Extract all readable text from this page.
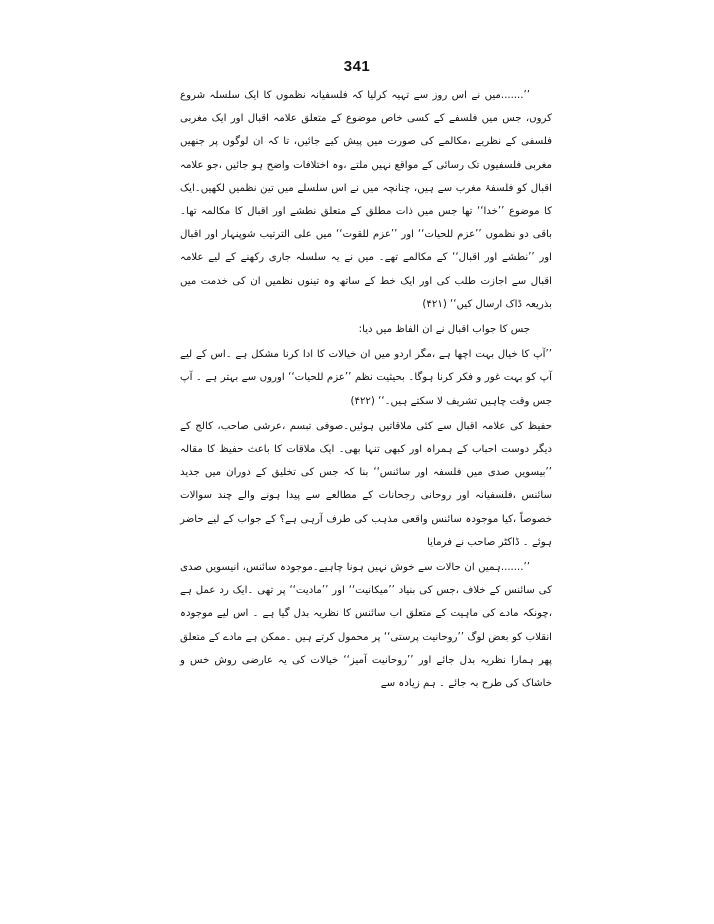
341

’’.......میں نے اس روز سے تہیہ کرلیا کہ فلسفیانہ نظموں کا ایک سلسلہ شروع کروں، جس میں فلسفے کے کسی خاص موضوع کے متعلق علامہ اقبال اور ایک مغربی فلسفی کے نظریے ،مکالمے کی صورت میں پیش کیے جائیں، تا کہ ان لوگوں پر جنھیں مغربی فلسفیوں تک رسائی کے مواقع نہیں ملتے ،وہ اختلافات واضح ہو جائیں ،جو علامہ اقبال کو فلسفۂ مغرب سے ہیں، چنانچہ میں نے اس سلسلے میں تین نظمیں لکھیں۔ایک کا موضوع ’’خدا‘‘ تھا جس میں ذات مطلق کے متعلق نطشے اور اقبال کا مکالمہ تھا۔ باقی دو نظموں ’’عزم للحیات‘‘ اور ’’عزم للقوت‘‘ میں علی الترتیب شوپنہار اور اقبال اور ’’نطشے اور اقبال‘‘ کے مکالمے تھے۔ میں نے یہ سلسلہ جاری رکھنے کے لیے علامہ اقبال سے اجازت طلب کی اور ایک خط کے ساتھ وہ تینوں نظمیں ان کی خدمت میں بذریعہ ڈاک ارسال کیں‘‘ (۴۲۱)

جس کا جواب اقبال نے ان الفاظ میں دیا:

’’آپ کا خیال بہت اچھا ہے ،مگر اردو میں ان خیالات کا ادا کرنا مشکل ہے ۔اس کے لیے آپ کو بہت غور و فکر کرنا ہوگا۔ بحیثیت نظم ’’عزم للحیات‘‘ اوروں سے بہتر ہے ۔ آپ جس وقت چاہیں تشریف لا سکتے ہیں۔‘‘ (۴۲۲)

حفیظ کی علامہ اقبال سے کئی ملاقاتیں ہوئیں۔صوفی تبسم ،عرشی صاحب، کالج کے دیگر دوست احباب کے ہمراہ اور کبھی تنہا بھی۔ ایک ملاقات کا باعث حفیظ کا مقالہ ’’بیسویں صدی میں فلسفہ اور سائنس‘‘ بنا کہ جس کی تخلیق کے دوران میں جدید سائنس ،فلسفیانہ اور روحانی رجحانات کے مطالعے سے پیدا ہونے والے چند سوالات خصوصاً ،کیا موجودہ سائنس واقعی مذہب کی طرف آرہی ہے؟ کے جواب کے لیے حاضر ہوئے ۔ ڈاکٹر صاحب نے فرمایا

’’.......ہمیں ان حالات سے خوش نہیں ہونا چاہیے۔موجودہ سائنس، انیسویں صدی کی سائنس کے خلاف ،جس کی بنیاد ’’میکانیت‘‘ اور ’’مادیت‘‘ پر تھی ۔ایک رد عمل ہے ،چونکہ مادے کی ماہیت کے متعلق اب سائنس کا نظریہ بدل گیا ہے ۔ اس لیے موجودہ انقلاب کو بعض لوگ ’’روحانیت پرستی‘‘ پر محمول کرتے ہیں ۔ممکن ہے مادے کے متعلق پھر ہمارا نظریہ بدل جائے اور ’’روحانیت آمیز‘‘ خیالات کی یہ عارضی روش خس و خاشاک کی طرح بہ جائے ۔ ہم زیادہ سے
